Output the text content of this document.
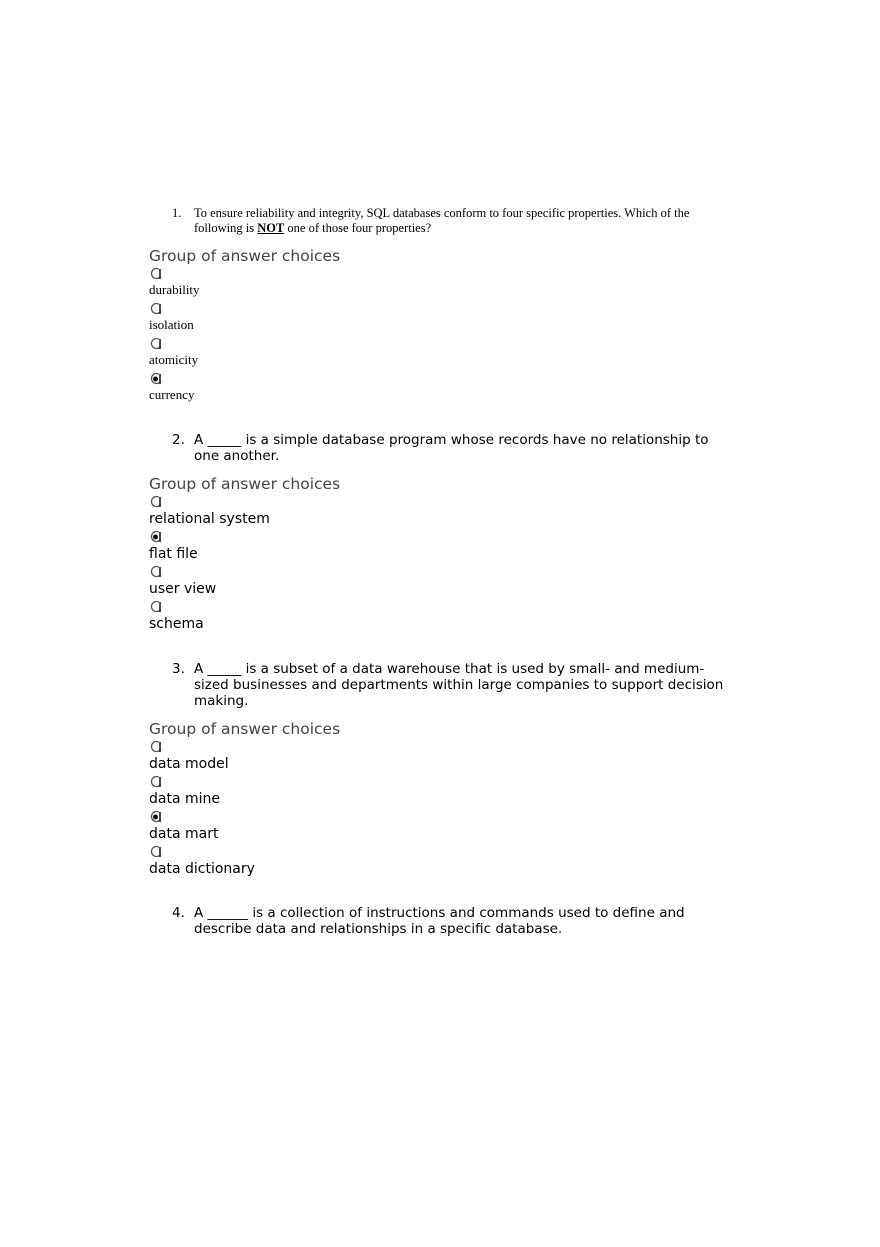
1.	To ensure reliability and integrity, SQL databases conform to four specific properties. Which of the following is NOT one of those four properties?
Group of answer choices
durability
isolation
atomicity
currency
2. A _____ is a simple database program whose records have no relationship to one another.
Group of answer choices
relational system
flat file
user view
schema
3. A _____ is a subset of a data warehouse that is used by small- and medium-sized businesses and departments within large companies to support decision making.
Group of answer choices
data model
data mine
data mart
data dictionary
4. A ______ is a collection of instructions and commands used to define and describe data and relationships in a specific database.
